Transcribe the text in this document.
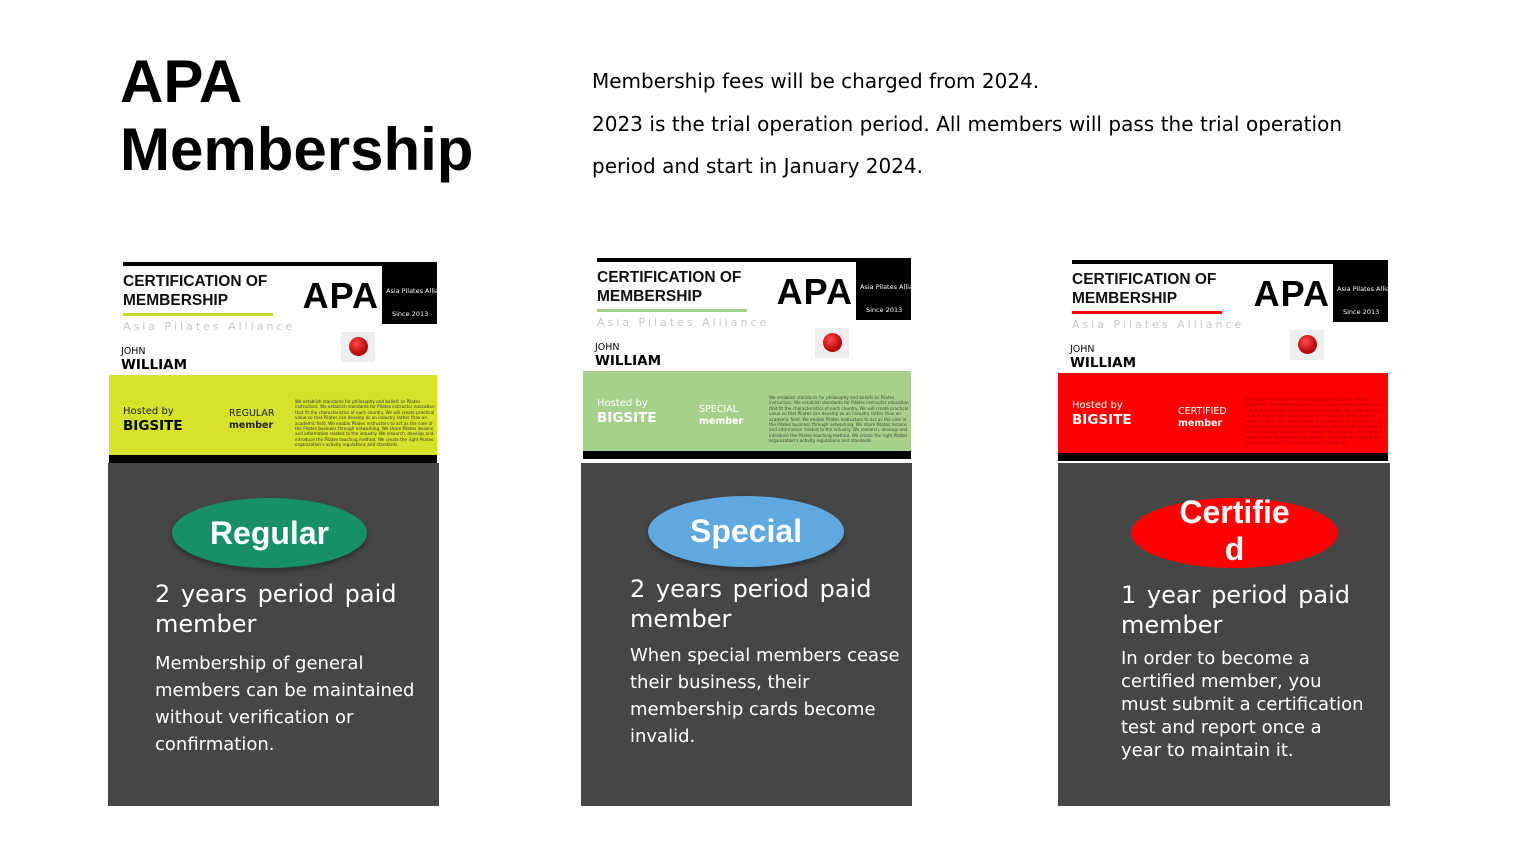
APA
Membership

Membership fees will be charged from 2024.

2023 is the trial operation period. All members will pass the trial operation period and start in January 2024.

CERTIFICATION OF
MEMBERSHIP	APA Asia Pilates Alliance
Since 2013
Asia Pilates Alliance
JOHN
WILLIAM
Hosted by
BIGSITE
REGULAR
member
We establish standards for philosophy and beliefs as Pilates instructors. We establish standards for Pilates instructor education that fit the characteristics of each country. We will create practical value so that Pilates can develop as an industry rather than an academic field. We enable Pilates instructors to act as the core of the Pilates business through networking. We share Pilates lessons and information related to the industry. We research, develop and introduce the Pilates teaching method. We create the right Pilates organization's activity regulations and standards.
Regular
2 years period paid member
Membership of general members can be maintained without verification or confirmation.
CERTIFICATION OF
MEMBERSHIP	APA Asia Pilates Alliance
Since 2013
Asia Pilates Alliance
JOHN
WILLIAM
Hosted by
BIGSITE
SPECIAL
member
We establish standards for philosophy and beliefs as Pilates instructors. We establish standards for Pilates instructor education that fit the characteristics of each country. We will create practical value so that Pilates can develop as an industry rather than an academic field. We enable Pilates instructors to act as the core of the Pilates business through networking. We share Pilates lessons and information related to the industry. We research, develop and introduce the Pilates teaching method. We create the right Pilates organization's activity regulations and standards.
Special
2 years period paid member
When special members cease their business, their membership cards become invalid.
CERTIFICATION OF
MEMBERSHIP	APA Asia Pilates Alliance
Since 2013
Asia Pilates Alliance
JOHN
WILLIAM
Hosted by
BIGSITE
CERTIFIED
member
We establish standards for philosophy and beliefs as Pilates instructors. We establish standards for Pilates instructor education that fit the characteristics of each country. We will create practical value so that Pilates can develop as an industry rather than an academic field. We enable Pilates instructors to act as the core of the Pilates business through networking. We share Pilates lessons and information related to the industry. We research, develop and introduce the Pilates teaching method. We create the right Pilates organization's activity regulations and standards.
Certifie
d
1 year period paid member
In order to become a certified member, you must submit a certification test and report once a year to maintain it.
